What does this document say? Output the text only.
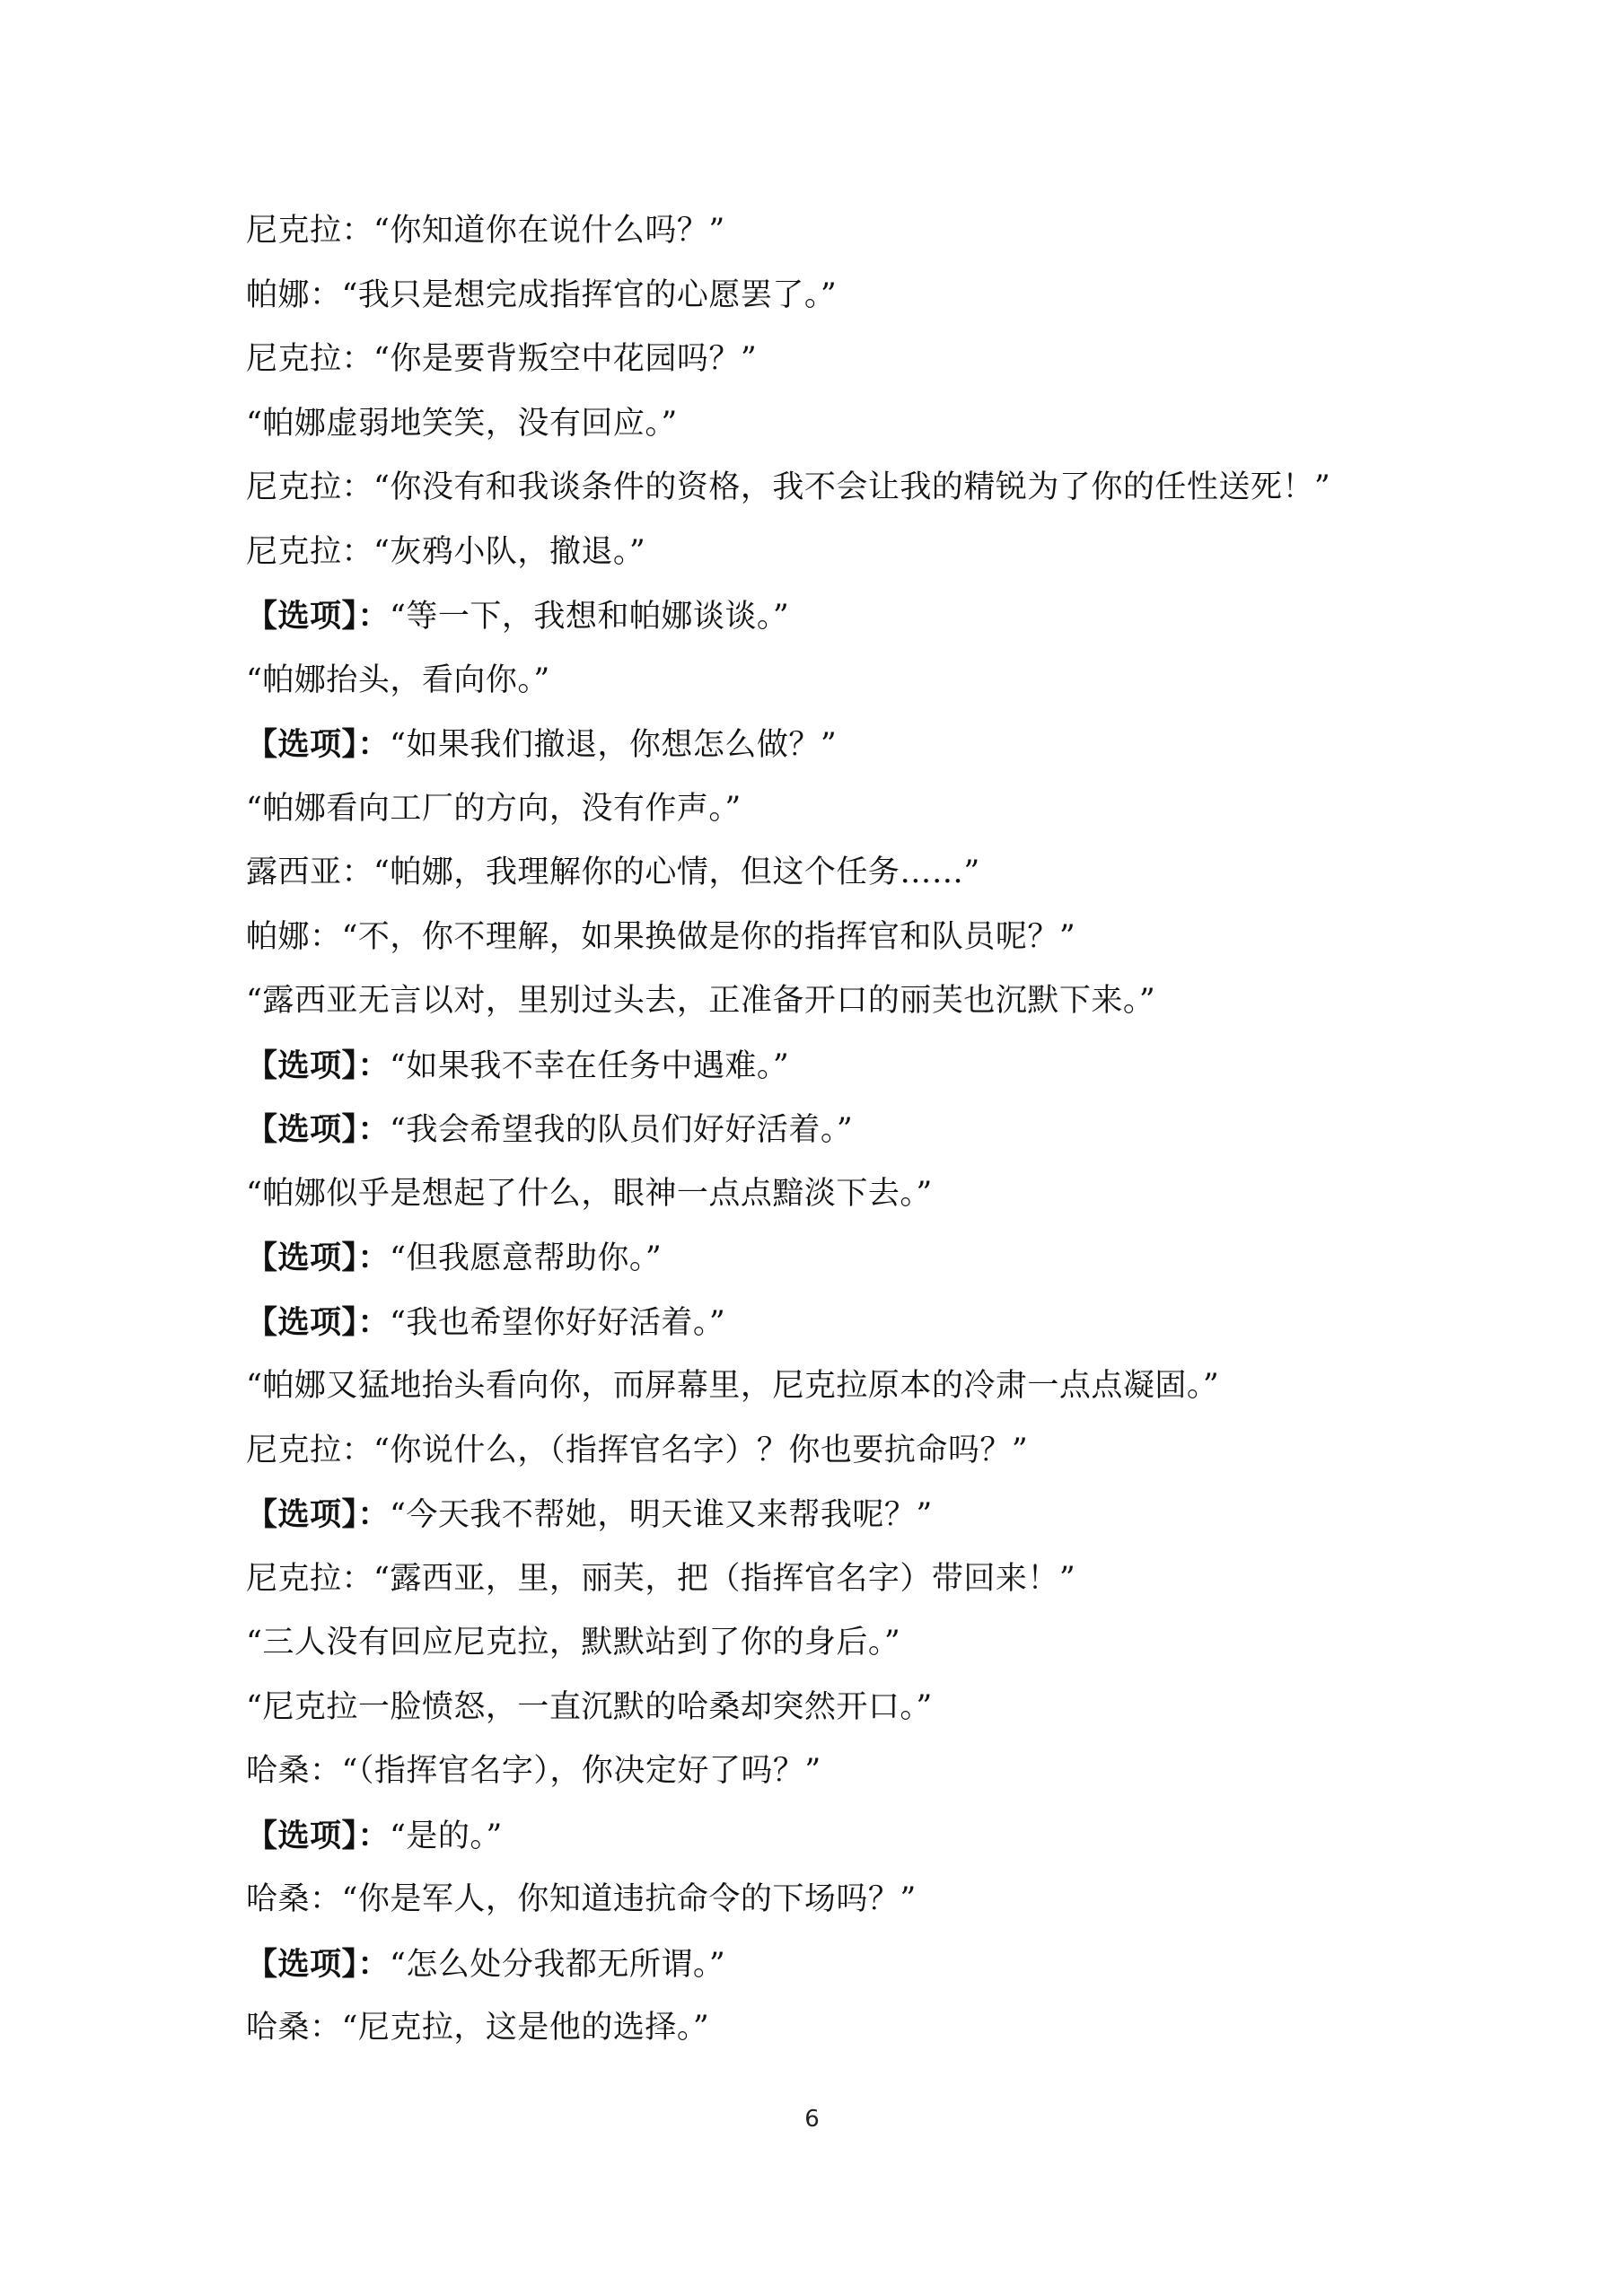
尼克拉：“你知道你在说什么吗？”
帕娜：“我只是想完成指挥官的心愿罢了。”
尼克拉：“你是要背叛空中花园吗？”
“帕娜虚弱地笑笑，没有回应。”
尼克拉：“你没有和我谈条件的资格，我不会让我的精锐为了你的任性送死！”
尼克拉：“灰鸦小队，撤退。”
【选项】：“等一下，我想和帕娜谈谈。”
“帕娜抬头，看向你。”
【选项】：“如果我们撤退，你想怎么做？”
“帕娜看向工厂的方向，没有作声。”
露西亚：“帕娜，我理解你的心情，但这个任务……”
帕娜：“不，你不理解，如果换做是你的指挥官和队员呢？”
“露西亚无言以对，里别过头去，正准备开口的丽芙也沉默下来。”
【选项】：“如果我不幸在任务中遇难。”
【选项】：“我会希望我的队员们好好活着。”
“帕娜似乎是想起了什么，眼神一点点黯淡下去。”
【选项】：“但我愿意帮助你。”
【选项】：“我也希望你好好活着。”
“帕娜又猛地抬头看向你，而屏幕里，尼克拉原本的冷肃一点点凝固。”
尼克拉：“你说什么，（指挥官名字）？你也要抗命吗？”
【选项】：“今天我不帮她，明天谁又来帮我呢？”
尼克拉：“露西亚，里，丽芙，把（指挥官名字）带回来！”
“三人没有回应尼克拉，默默站到了你的身后。”
“尼克拉一脸愤怒，一直沉默的哈桑却突然开口。”
哈桑：“（指挥官名字），你决定好了吗？”
【选项】：“是的。”
哈桑：“你是军人，你知道违抗命令的下场吗？”
【选项】：“怎么处分我都无所谓。”
哈桑：“尼克拉，这是他的选择。”
6
